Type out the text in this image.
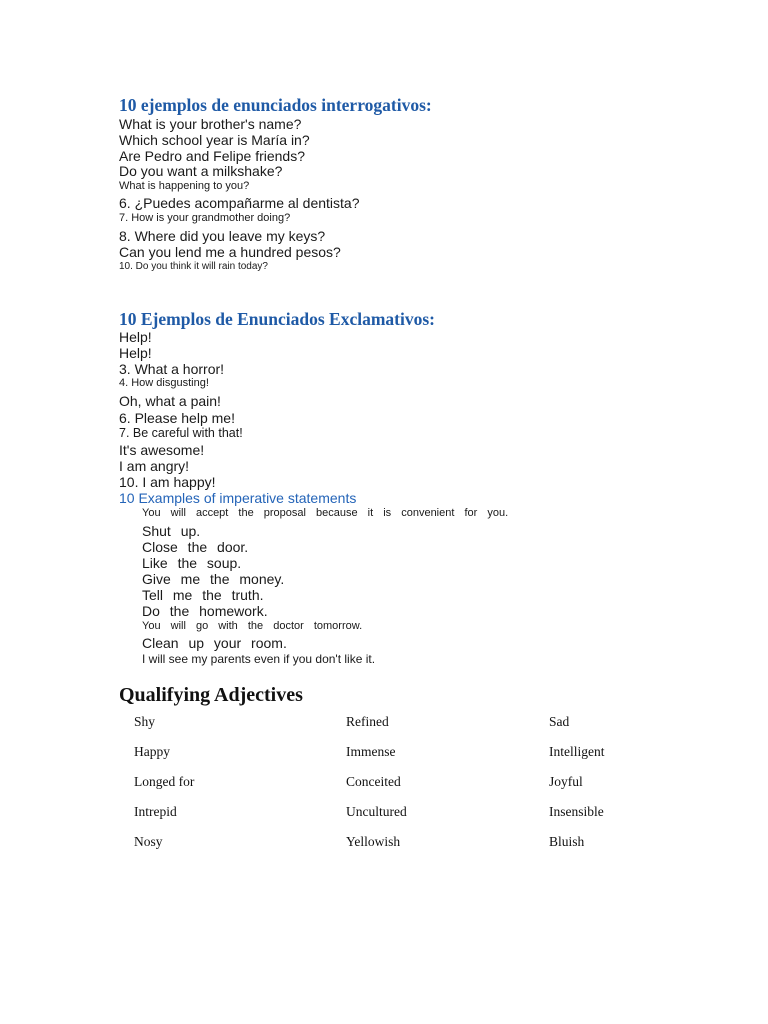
10 ejemplos de enunciados interrogativos:
What is your brother's name?
Which school year is María in?
Are Pedro and Felipe friends?
Do you want a milkshake?
What is happening to you?
6. ¿Puedes acompañarme al dentista?
7. How is your grandmother doing?
8. Where did you leave my keys?
Can you lend me a hundred pesos?
10. Do you think it will rain today?
10 Ejemplos de Enunciados Exclamativos:
Help!
Help!
3. What a horror!
4. How disgusting!
Oh, what a pain!
6. Please help me!
7. Be careful with that!
It's awesome!
I am angry!
10. I am happy!
10 Examples of imperative statements
You will accept the proposal because it is convenient for you.
Shut up.
Close the door.
Like the soup.
Give me the money.
Tell me the truth.
Do the homework.
You will go with the doctor tomorrow.
Clean up your room.
I will see my parents even if you don't like it.
Qualifying Adjectives
Shy	Refined	Sad
Happy	Immense	Intelligent
Longed for	Conceited	Joyful
Intrepid	Uncultured	Insensible
Nosy	Yellowish	Bluish
